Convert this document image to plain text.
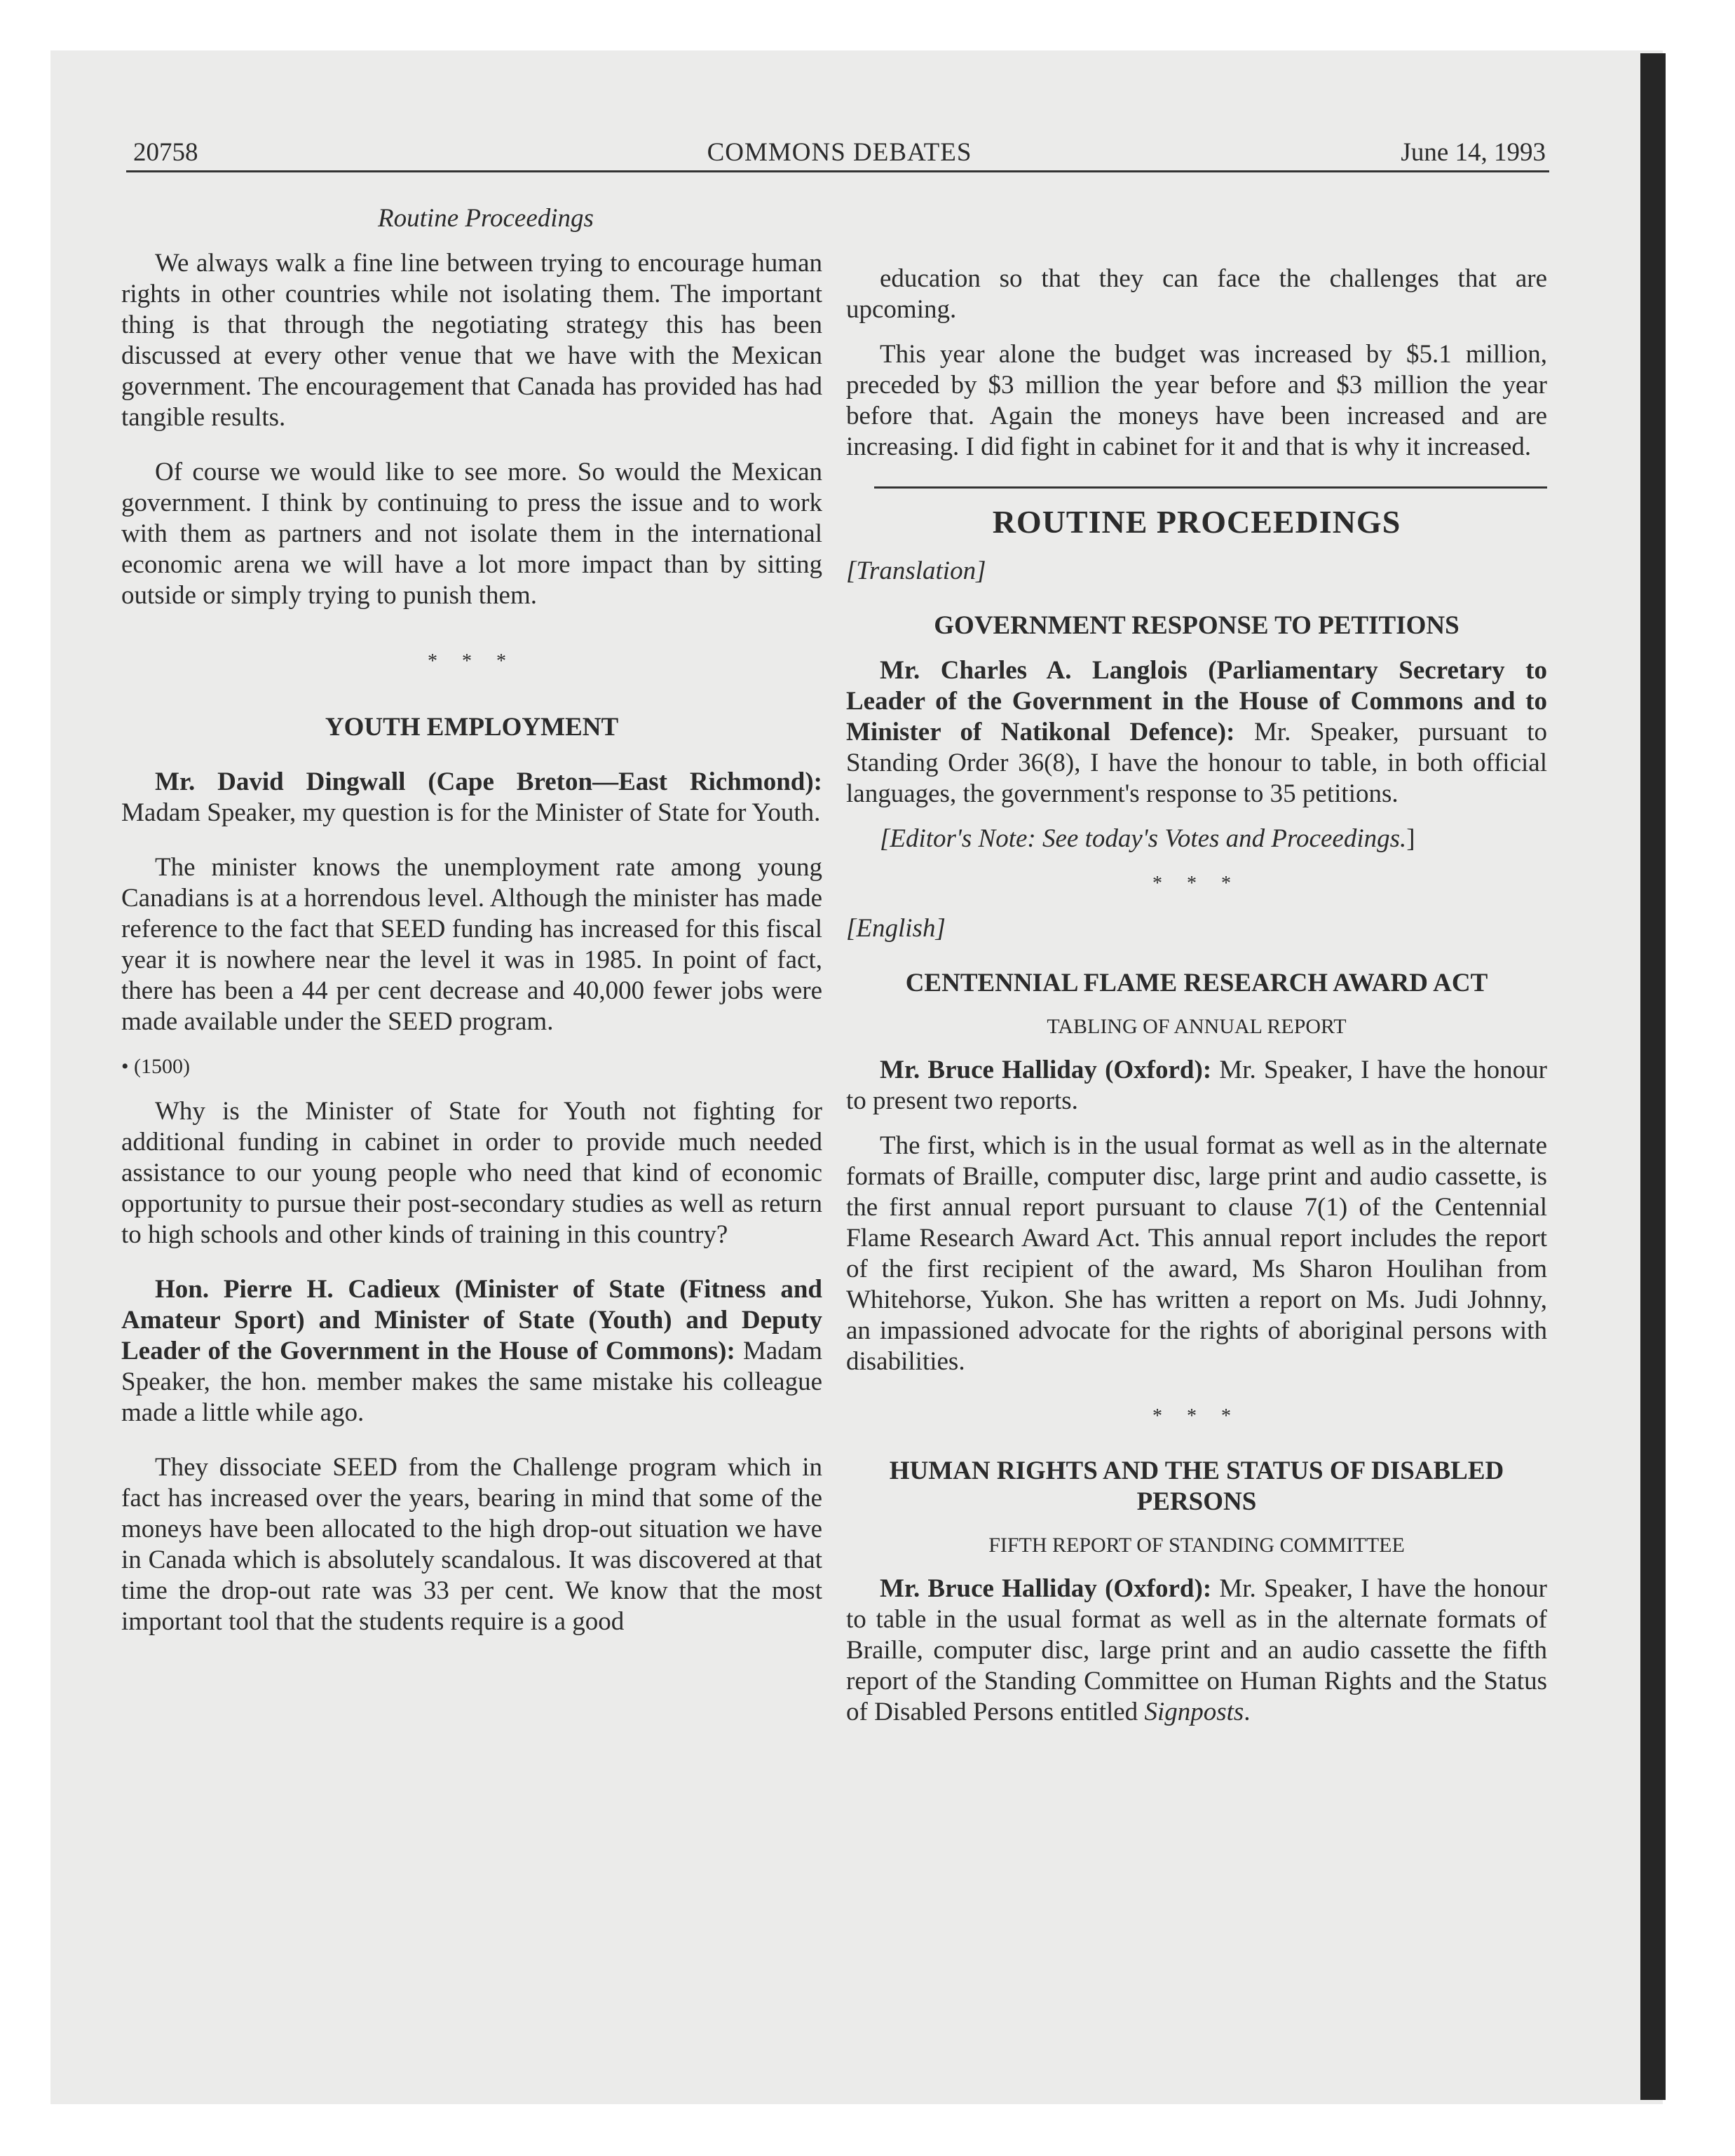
20758	COMMONS DEBATES	June 14, 1993

Routine Proceedings

We always walk a fine line between trying to encourage human rights in other countries while not isolating them. The important thing is that through the negotiating strategy this has been discussed at every other venue that we have with the Mexican government. The encouragement that Canada has provided has had tangible results.

Of course we would like to see more. So would the Mexican government. I think by continuing to press the issue and to work with them as partners and not isolate them in the international economic arena we will have a lot more impact than by sitting outside or simply trying to punish them.

* * *

YOUTH EMPLOYMENT

Mr. David Dingwall (Cape Breton—East Richmond): Madam Speaker, my question is for the Minister of State for Youth.

The minister knows the unemployment rate among young Canadians is at a horrendous level. Although the minister has made reference to the fact that SEED funding has increased for this fiscal year it is nowhere near the level it was in 1985. In point of fact, there has been a 44 per cent decrease and 40,000 fewer jobs were made available under the SEED program.

• (1500)

Why is the Minister of State for Youth not fighting for additional funding in cabinet in order to provide much needed assistance to our young people who need that kind of economic opportunity to pursue their post-secondary studies as well as return to high schools and other kinds of training in this country?

Hon. Pierre H. Cadieux (Minister of State (Fitness and Amateur Sport) and Minister of State (Youth) and Deputy Leader of the Government in the House of Commons): Madam Speaker, the hon. member makes the same mistake his colleague made a little while ago.

They dissociate SEED from the Challenge program which in fact has increased over the years, bearing in mind that some of the moneys have been allocated to the high drop-out situation we have in Canada which is absolutely scandalous. It was discovered at that time the drop-out rate was 33 per cent. We know that the most important tool that the students require is a good

education so that they can face the challenges that are upcoming.

This year alone the budget was increased by $5.1 million, preceded by $3 million the year before and $3 million the year before that. Again the moneys have been increased and are increasing. I did fight in cabinet for it and that is why it increased.

ROUTINE PROCEEDINGS

[Translation]

GOVERNMENT RESPONSE TO PETITIONS

Mr. Charles A. Langlois (Parliamentary Secretary to Leader of the Government in the House of Commons and to Minister of Natikonal Defence): Mr. Speaker, pursuant to Standing Order 36(8), I have the honour to table, in both official languages, the government's response to 35 petitions.

[Editor's Note: See today's Votes and Proceedings.]

* * *

[English]

CENTENNIAL FLAME RESEARCH AWARD ACT

TABLING OF ANNUAL REPORT

Mr. Bruce Halliday (Oxford): Mr. Speaker, I have the honour to present two reports.

The first, which is in the usual format as well as in the alternate formats of Braille, computer disc, large print and audio cassette, is the first annual report pursuant to clause 7(1) of the Centennial Flame Research Award Act. This annual report includes the report of the first recipient of the award, Ms Sharon Houlihan from Whitehorse, Yukon. She has written a report on Ms. Judi Johnny, an impassioned advocate for the rights of aboriginal persons with disabilities.

* * *

HUMAN RIGHTS AND THE STATUS OF DISABLED PERSONS

FIFTH REPORT OF STANDING COMMITTEE

Mr. Bruce Halliday (Oxford): Mr. Speaker, I have the honour to table in the usual format as well as in the alternate formats of Braille, computer disc, large print and an audio cassette the fifth report of the Standing Committee on Human Rights and the Status of Disabled Persons entitled Signposts.
